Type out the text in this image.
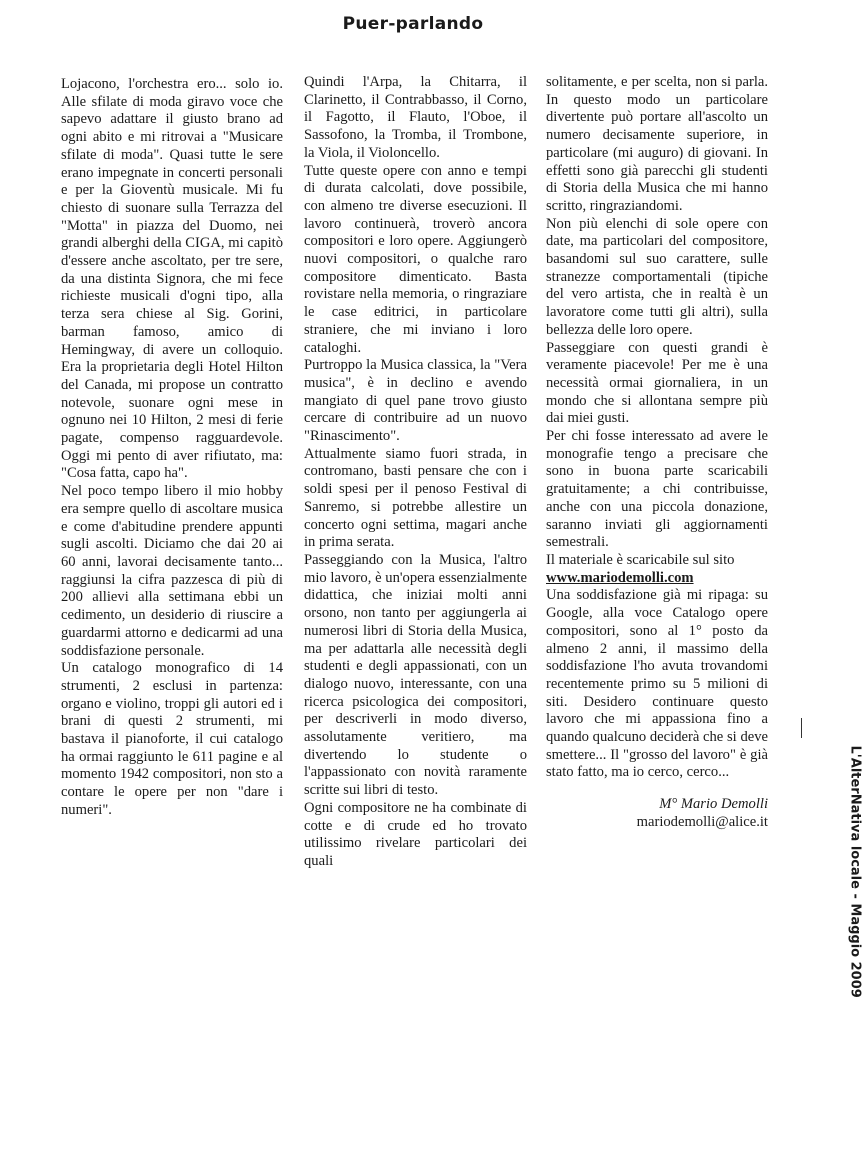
Puer-parlando

Lojacono, l'orchestra ero... solo io. Alle sfilate di moda giravo voce che sapevo adattare il giusto brano ad ogni abito e mi ritrovai a "Musicare sfilate di moda". Quasi tutte le sere erano impegnate in concerti personali e per la Gioventù musicale. Mi fu chiesto di suonare sulla Terrazza del "Motta" in piazza del Duomo, nei grandi alberghi della CIGA, mi capitò d'essere anche ascoltato, per tre sere, da una distinta Signora, che mi fece richieste musicali d'ogni tipo, alla terza sera chiese al Sig. Gorini, barman famoso, amico di Hemingway, di avere un colloquio. Era la proprietaria degli Hotel Hilton del Canada, mi propose un contratto notevole, suonare ogni mese in ognuno nei 10 Hilton, 2 mesi di ferie pagate, compenso ragguardevole. Oggi mi pento di aver rifiutato, ma: "Cosa fatta, capo ha".

Nel poco tempo libero il mio hobby era sempre quello di ascoltare musica e come d'abitudine prendere appunti sugli ascolti. Diciamo che dai 20 ai 60 anni, lavorai decisamente tanto... raggiunsi la cifra pazzesca di più di 200 allievi alla settimana ebbi un cedimento, un desiderio di riuscire a guardarmi attorno e dedicarmi ad una soddisfazione personale.

Un catalogo monografico di 14 strumenti, 2 esclusi in partenza: organo e violino, troppi gli autori ed i brani di questi 2 strumenti, mi bastava il pianoforte, il cui catalogo ha ormai raggiunto le 611 pagine e al momento 1942 compositori, non sto a contare le opere per non "dare i numeri".

Quindi l'Arpa, la Chitarra, il Clarinetto, il Contrabbasso, il Corno, il Fagotto, il Flauto, l'Oboe, il Sassofono, la Tromba, il Trombone, la Viola, il Violoncello.

Tutte queste opere con anno e tempi di durata calcolati, dove possibile, con almeno tre diverse esecuzioni. Il lavoro continuerà, troverò ancora compositori e loro opere. Aggiungerò nuovi compositori, o qualche raro compositore dimenticato. Basta rovistare nella memoria, o ringraziare le case editrici, in particolare straniere, che mi inviano i loro cataloghi.

Purtroppo la Musica classica, la "Vera musica", è in declino e avendo mangiato di quel pane trovo giusto cercare di contribuire ad un nuovo "Rinascimento".

Attualmente siamo fuori strada, in contromano, basti pensare che con i soldi spesi per il penoso Festival di Sanremo, si potrebbe allestire un concerto ogni settima, magari anche in prima serata.

Passeggiando con la Musica, l'altro mio lavoro, è un'opera essenzialmente didattica, che iniziai molti anni orsono, non tanto per aggiungerla ai numerosi libri di Storia della Musica, ma per adattarla alle necessità degli studenti e degli appassionati, con un dialogo nuovo, interessante, con una ricerca psicologica dei compositori, per descriverli in modo diverso, assolutamente veritiero, ma divertendo lo studente o l'appassionato con novità raramente scritte sui libri di testo.

Ogni compositore ne ha combinate di cotte e di crude ed ho trovato utilissimo rivelare particolari dei quali

solitamente, e per scelta, non si parla. In questo modo un particolare divertente può portare all'ascolto un numero decisamente superiore, in particolare (mi auguro) di giovani. In effetti sono già parecchi gli studenti di Storia della Musica che mi hanno scritto, ringraziandomi.

Non più elenchi di sole opere con date, ma particolari del compositore, basandomi sul suo carattere, sulle stranezze comportamentali (tipiche del vero artista, che in realtà è un lavoratore come tutti gli altri), sulla bellezza delle loro opere.

Passeggiare con questi grandi è veramente piacevole! Per me è una necessità ormai giornaliera, in un mondo che si allontana sempre più dai miei gusti.

Per chi fosse interessato ad avere le monografie tengo a precisare che sono in buona parte scaricabili gratuitamente; a chi contribuisse, anche con una piccola donazione, saranno inviati gli aggiornamenti semestrali.

Il materiale è scaricabile sul sito

www.mariodemolli.com

Una soddisfazione già mi ripaga: su Google, alla voce Catalogo opere compositori, sono al 1° posto da almeno 2 anni, il massimo della soddisfazione l'ho avuta trovandomi recentemente primo su 5 milioni di siti. Desidero continuare questo lavoro che mi appassiona fino a quando qualcuno deciderà che si deve smettere... Il "grosso del lavoro" è già stato fatto, ma io cerco, cerco...

M° Mario Demolli

mariodemolli@alice.it	L'AlterNativa locale - Maggio 2009
